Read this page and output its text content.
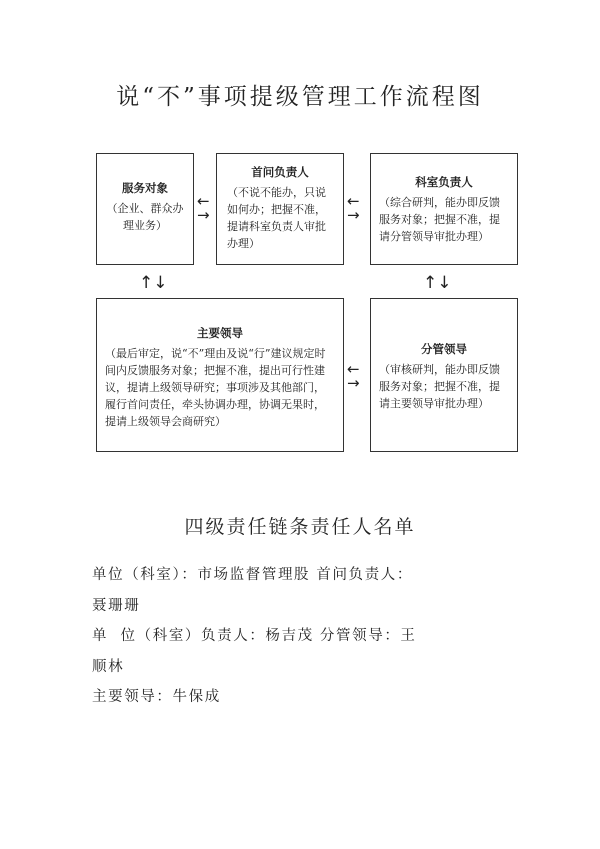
说“不”事项提级管理工作流程图
服务对象
（企业、群众办理业务）
首问负责人
（不说不能办，只说如何办；把握不准，提请科室负责人审批办理）
科室负责人
（综合研判，能办即反馈服务对象；把握不准，提请分管领导审批办理）
主要领导
（最后审定，说“不”理由及说“行”建议规定时间内反馈服务对象；把握不准，提出可行性建议，提请上级领导研究；事项涉及其他部门，履行首问责任，牵头协调办理，协调无果时，提请上级领导会商研究）
分管领导
（审核研判，能办即反馈服务对象；把握不准，提请主要领导审批办理）
←
→
←
→
↑↓	↑↓
←
→
四级责任链条责任人名单
单位（科室）：市场监督管理股 首问负责人：
聂珊珊
单  位（科室）负责人：杨吉茂 分管领导：王
顺林
主要领导：牛保成
